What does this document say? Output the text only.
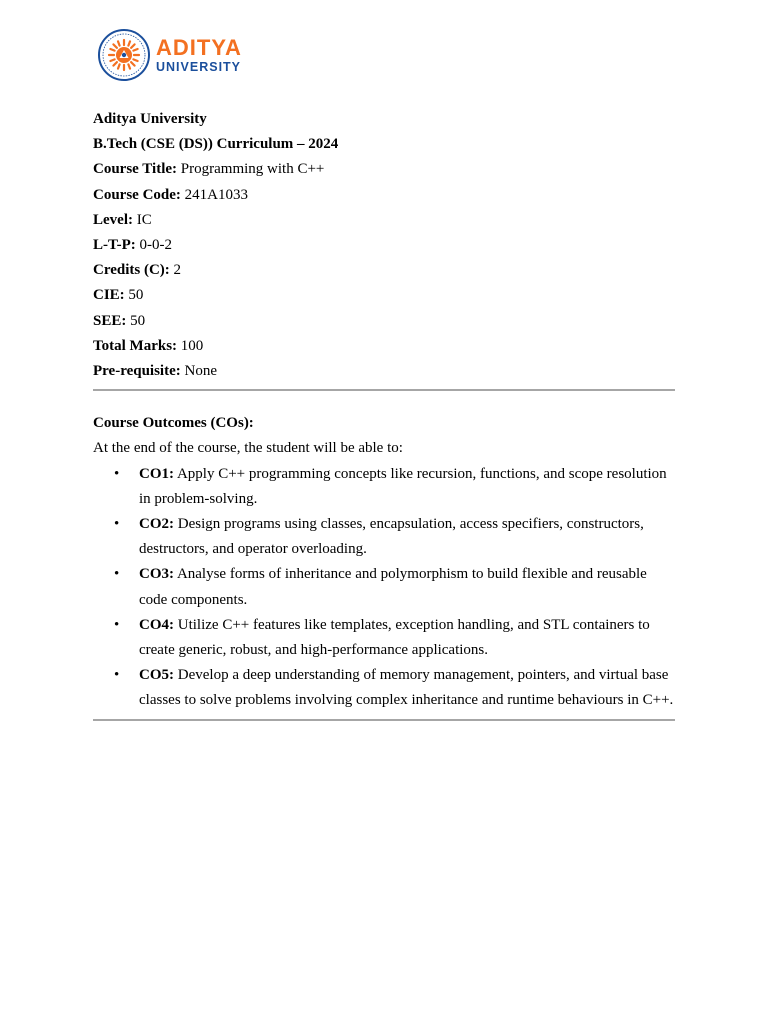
ADITYA
UNIVERSITY

Aditya University

B.Tech (CSE (DS)) Curriculum – 2024

Course Title: Programming with C++

Course Code: 241A1033

Level: IC

L-T-P: 0-0-2

Credits (C): 2

CIE: 50

SEE: 50

Total Marks: 100

Pre-requisite: None

Course Outcomes (COs):

At the end of the course, the student will be able to:

• CO1: Apply C++ programming concepts like recursion, functions, and scope resolution in problem-solving.
• CO2: Design programs using classes, encapsulation, access specifiers, constructors, destructors, and operator overloading.
• CO3: Analyse forms of inheritance and polymorphism to build flexible and reusable code components.
• CO4: Utilize C++ features like templates, exception handling, and STL containers to create generic, robust, and high-performance applications.
• CO5: Develop a deep understanding of memory management, pointers, and virtual base classes to solve problems involving complex inheritance and runtime behaviours in C++.
